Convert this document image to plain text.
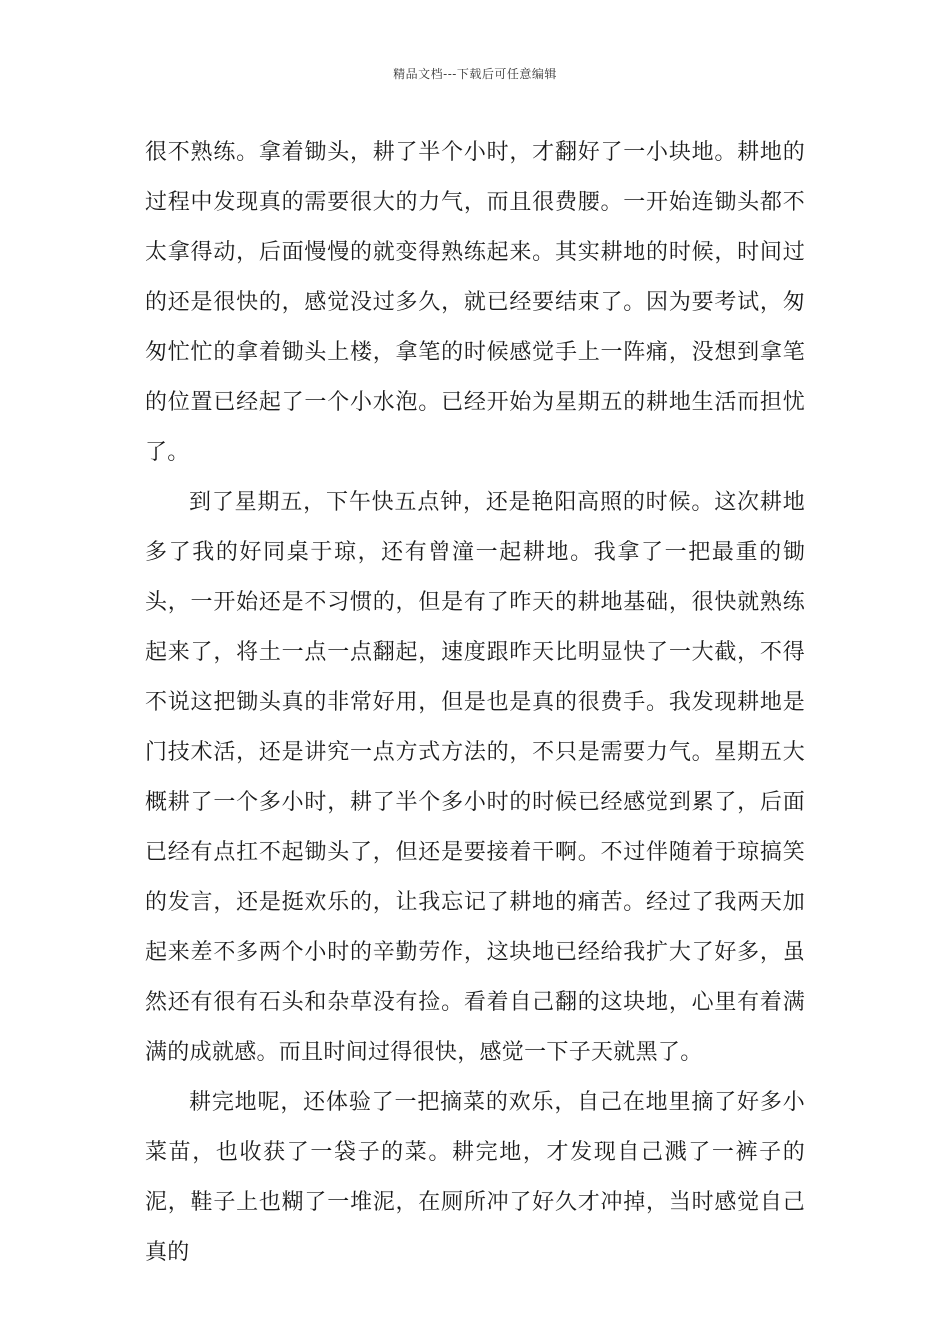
精品文档---下载后可任意编辑

很不熟练。拿着锄头，耕了半个小时，才翻好了一小块地。耕地的过程中发现真的需要很大的力气，而且很费腰。一开始连锄头都不太拿得动，后面慢慢的就变得熟练起来。其实耕地的时候，时间过的还是很快的，感觉没过多久，就已经要结束了。因为要考试，匆匆忙忙的拿着锄头上楼，拿笔的时候感觉手上一阵痛，没想到拿笔的位置已经起了一个小水泡。已经开始为星期五的耕地生活而担忧了。

到了星期五，下午快五点钟，还是艳阳高照的时候。这次耕地多了我的好同桌于琼，还有曾潼一起耕地。我拿了一把最重的锄头，一开始还是不习惯的，但是有了昨天的耕地基础，很快就熟练起来了，将土一点一点翻起，速度跟昨天比明显快了一大截，不得不说这把锄头真的非常好用，但是也是真的很费手。我发现耕地是门技术活，还是讲究一点方式方法的，不只是需要力气。星期五大概耕了一个多小时，耕了半个多小时的时候已经感觉到累了，后面已经有点扛不起锄头了，但还是要接着干啊。不过伴随着于琼搞笑的发言，还是挺欢乐的，让我忘记了耕地的痛苦。经过了我两天加起来差不多两个小时的辛勤劳作，这块地已经给我扩大了好多，虽然还有很有石头和杂草没有捡。看着自己翻的这块地，心里有着满满的成就感。而且时间过得很快，感觉一下子天就黑了。

耕完地呢，还体验了一把摘菜的欢乐，自己在地里摘了好多小菜苗，也收获了一袋子的菜。耕完地，才发现自己溅了一裤子的泥，鞋子上也糊了一堆泥，在厕所冲了好久才冲掉，当时感觉自己真的
